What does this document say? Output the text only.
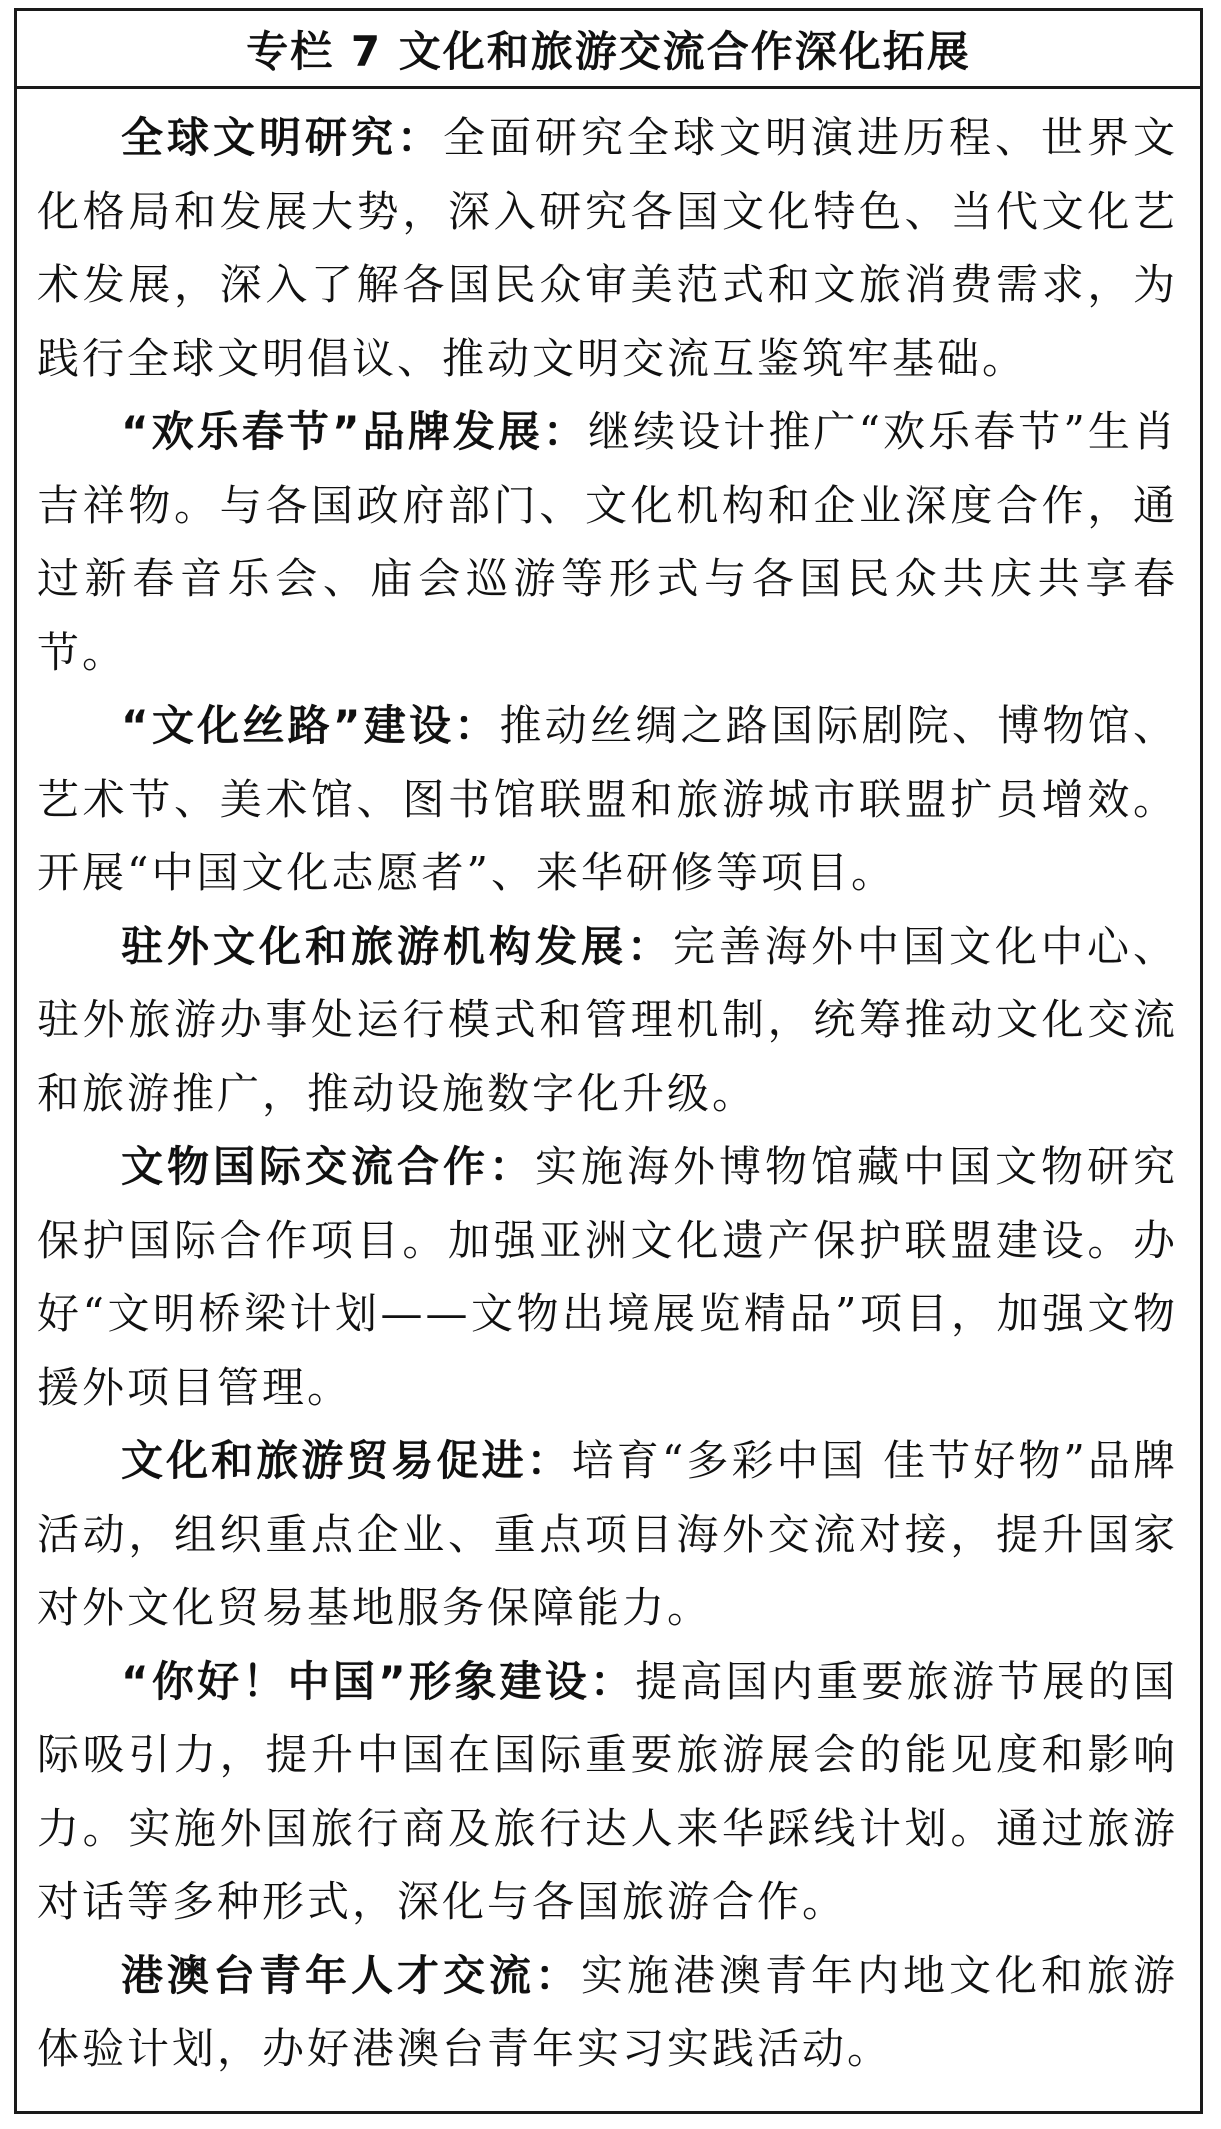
专栏 7 文化和旅游交流合作深化拓展

全球文明研究：全面研究全球文明演进历程、世界文化格局和发展大势，深入研究各国文化特色、当代文化艺术发展，深入了解各国民众审美范式和文旅消费需求，为践行全球文明倡议、推动文明交流互鉴筑牢基础。

“欢乐春节”品牌发展：继续设计推广“欢乐春节”生肖吉祥物。与各国政府部门、文化机构和企业深度合作，通过新春音乐会、庙会巡游等形式与各国民众共庆共享春节。

“文化丝路”建设：推动丝绸之路国际剧院、博物馆、艺术节、美术馆、图书馆联盟和旅游城市联盟扩员增效。开展“中国文化志愿者”、来华研修等项目。

驻外文化和旅游机构发展：完善海外中国文化中心、驻外旅游办事处运行模式和管理机制，统筹推动文化交流和旅游推广，推动设施数字化升级。

文物国际交流合作：实施海外博物馆藏中国文物研究保护国际合作项目。加强亚洲文化遗产保护联盟建设。办好“文明桥梁计划——文物出境展览精品”项目，加强文物援外项目管理。

文化和旅游贸易促进：培育“多彩中国 佳节好物”品牌活动，组织重点企业、重点项目海外交流对接，提升国家对外文化贸易基地服务保障能力。

“你好！中国”形象建设：提高国内重要旅游节展的国际吸引力，提升中国在国际重要旅游展会的能见度和影响力。实施外国旅行商及旅行达人来华踩线计划。通过旅游对话等多种形式，深化与各国旅游合作。

港澳台青年人才交流：实施港澳青年内地文化和旅游体验计划，办好港澳台青年实习实践活动。
